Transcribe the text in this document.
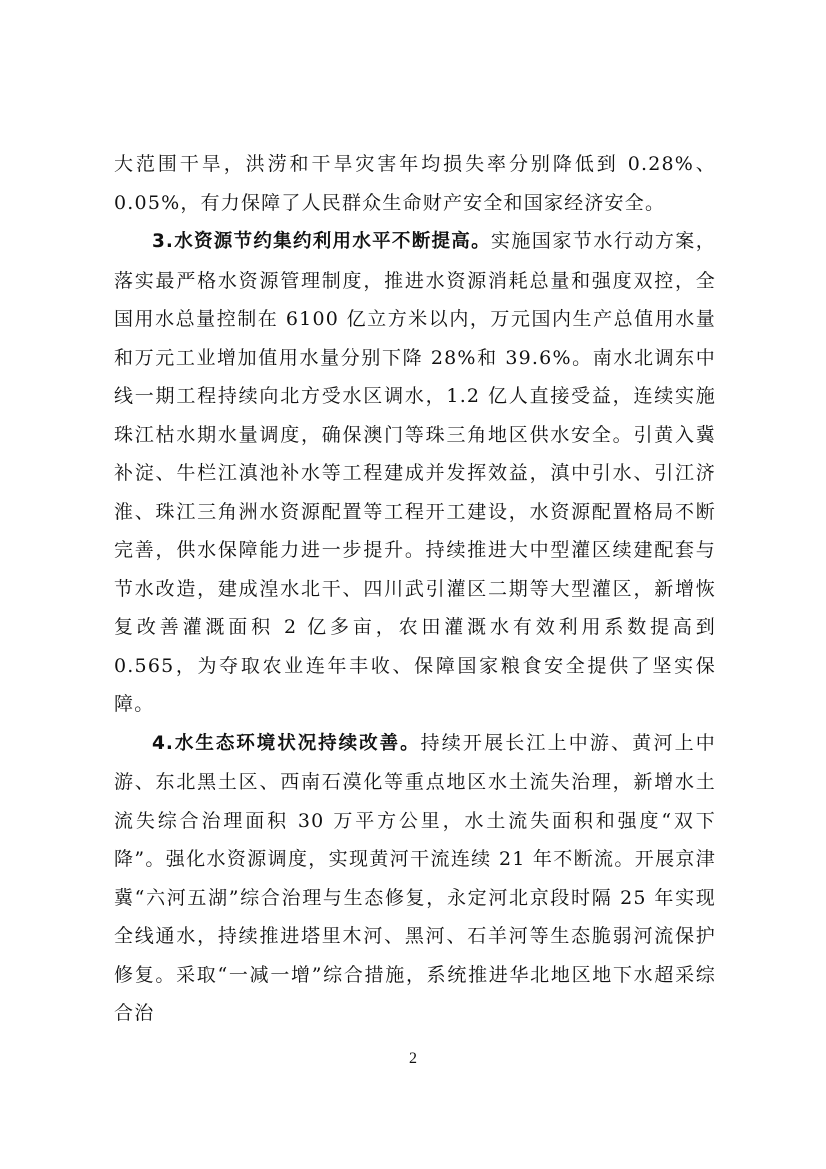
大范围干旱，洪涝和干旱灾害年均损失率分别降低到 0.28%、0.05%，有力保障了人民群众生命财产安全和国家经济安全。

3.水资源节约集约利用水平不断提高。实施国家节水行动方案，落实最严格水资源管理制度，推进水资源消耗总量和强度双控，全国用水总量控制在 6100 亿立方米以内，万元国内生产总值用水量和万元工业增加值用水量分别下降 28%和 39.6%。南水北调东中线一期工程持续向北方受水区调水，1.2 亿人直接受益，连续实施珠江枯水期水量调度，确保澳门等珠三角地区供水安全。引黄入冀补淀、牛栏江滇池补水等工程建成并发挥效益，滇中引水、引江济淮、珠江三角洲水资源配置等工程开工建设，水资源配置格局不断完善，供水保障能力进一步提升。持续推进大中型灌区续建配套与节水改造，建成湟水北干、四川武引灌区二期等大型灌区，新增恢复改善灌溉面积 2 亿多亩，农田灌溉水有效利用系数提高到 0.565，为夺取农业连年丰收、保障国家粮食安全提供了坚实保障。

4.水生态环境状况持续改善。持续开展长江上中游、黄河上中游、东北黑土区、西南石漠化等重点地区水土流失治理，新增水土流失综合治理面积 30 万平方公里，水土流失面积和强度“双下降”。强化水资源调度，实现黄河干流连续 21 年不断流。开展京津冀“六河五湖”综合治理与生态修复，永定河北京段时隔 25 年实现全线通水，持续推进塔里木河、黑河、石羊河等生态脆弱河流保护修复。采取“一减一增”综合措施，系统推进华北地区地下水超采综合治

2
